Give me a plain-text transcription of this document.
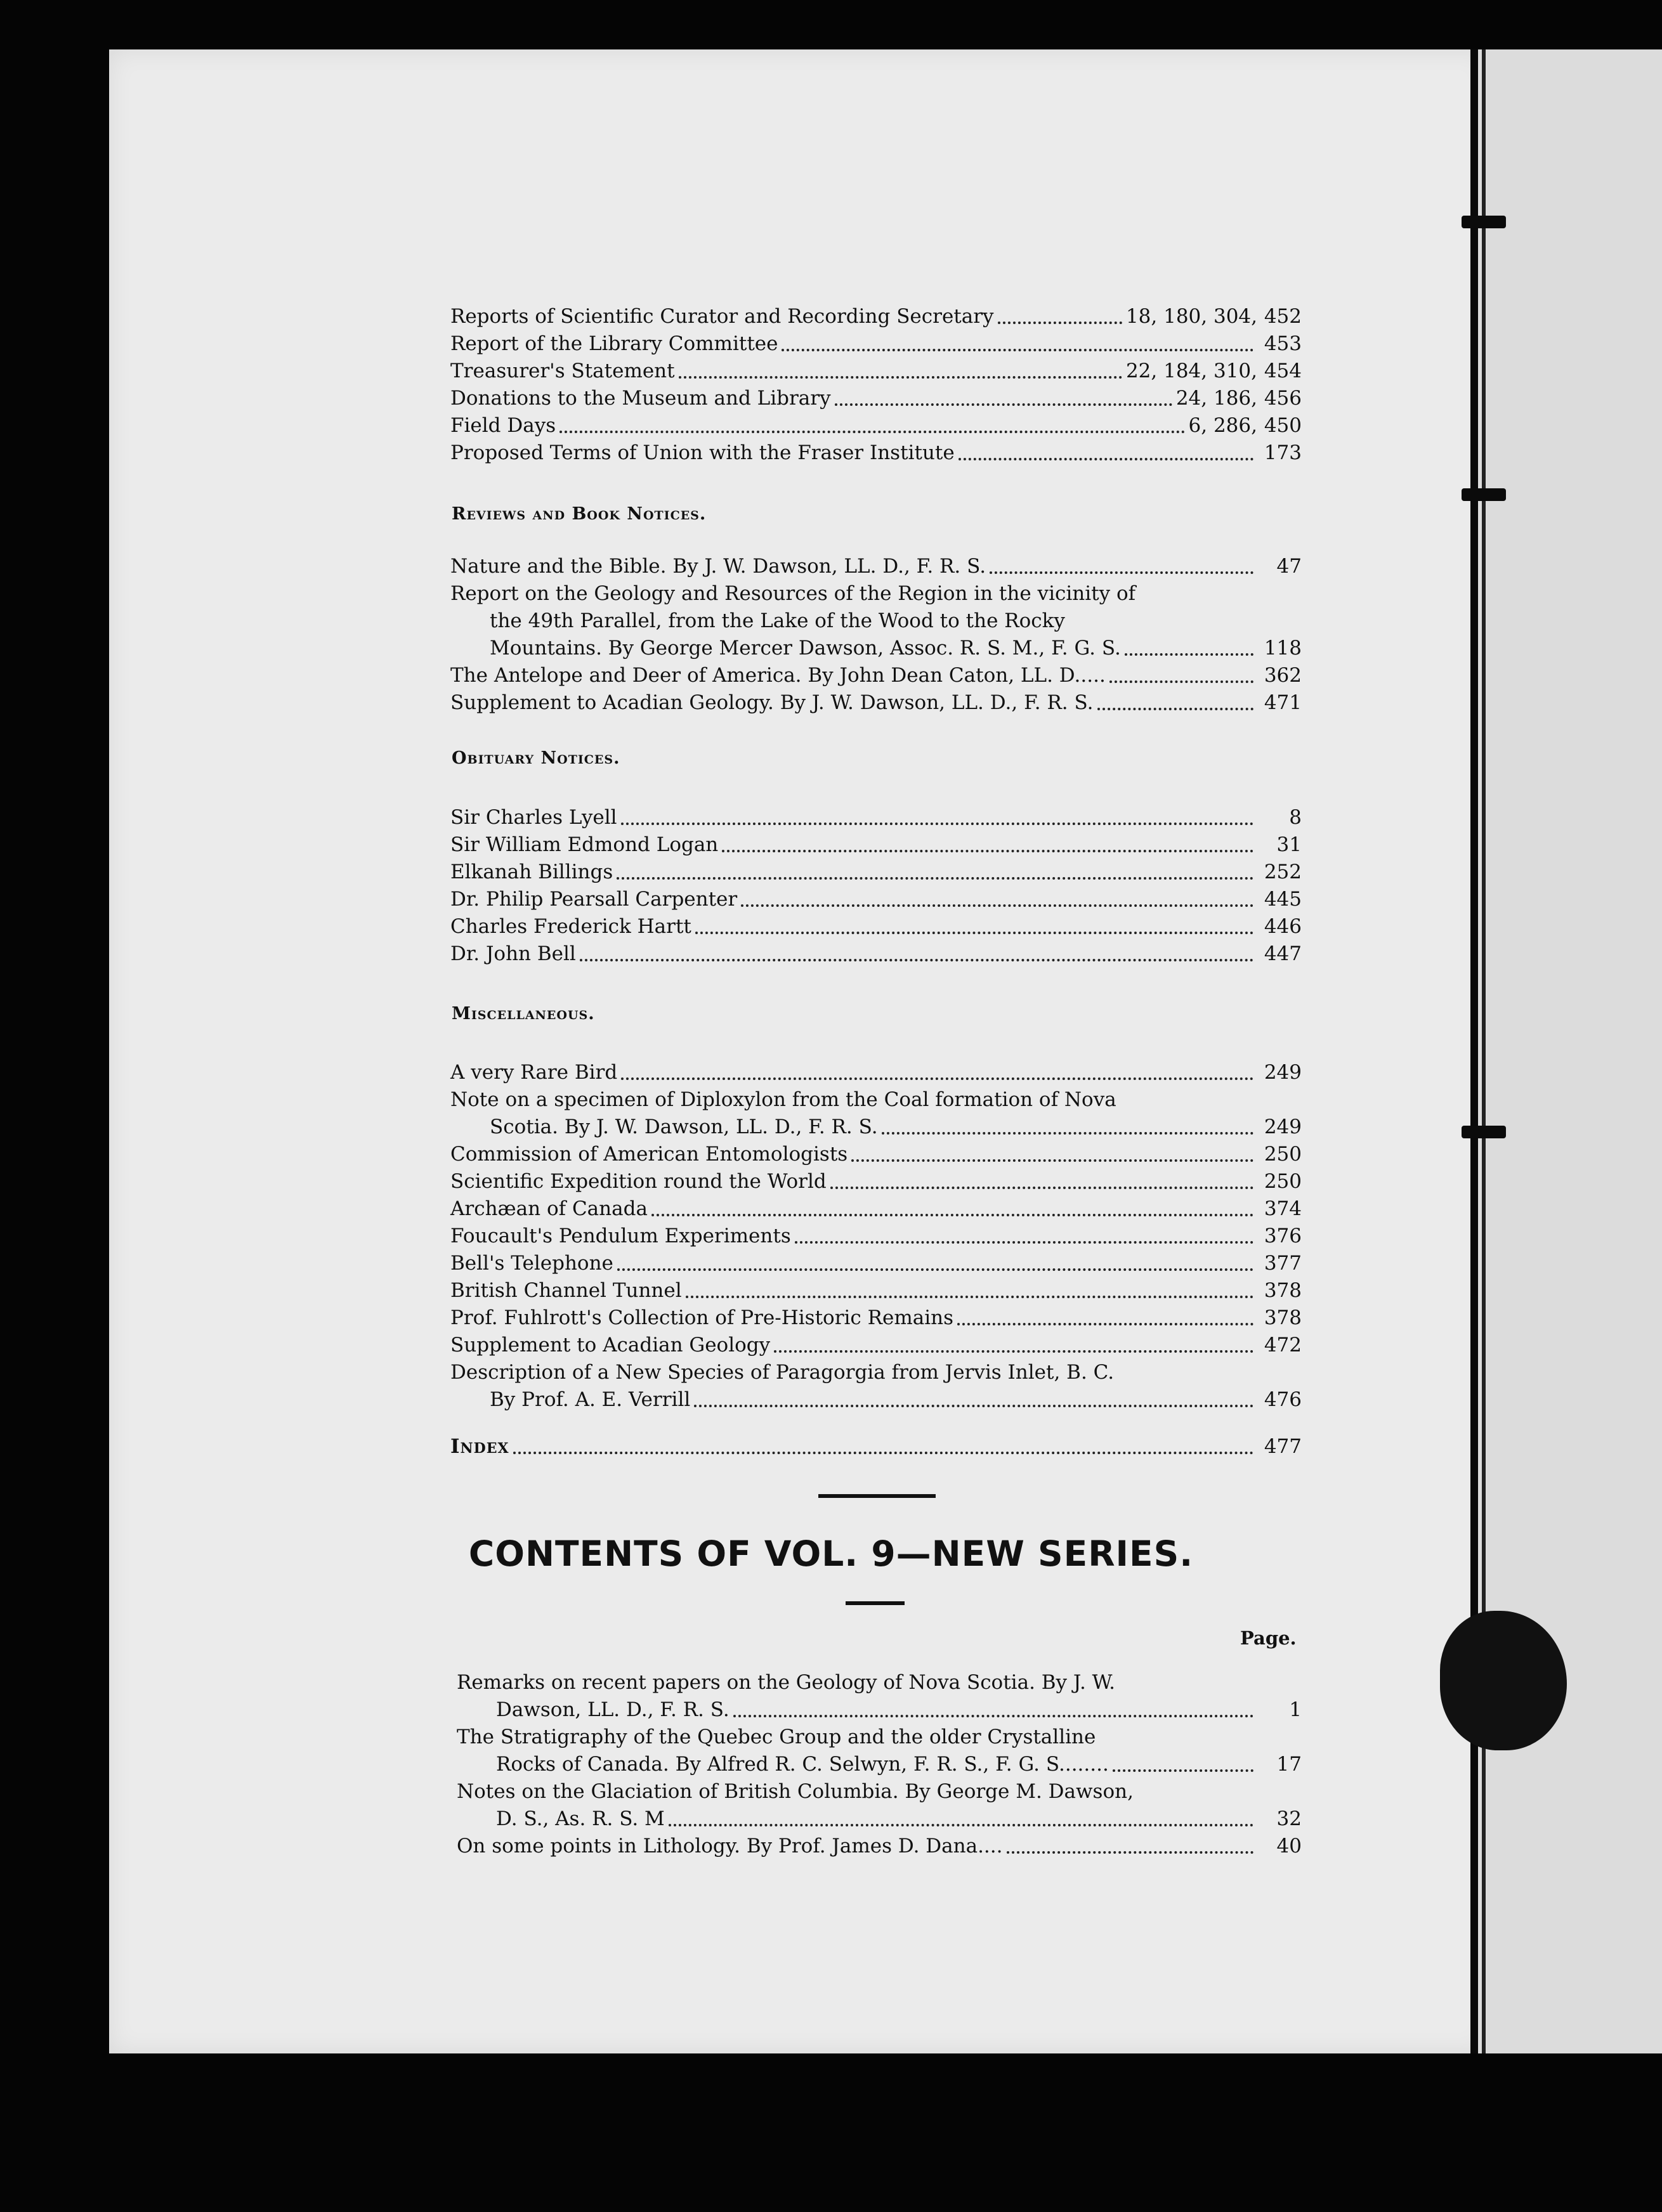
Reports of Scientific Curator and Recording Secretary	18, 180, 304, 452
Report of the Library Committee	453
Treasurer's Statement	22, 184, 310, 454
Donations to the Museum and Library	24, 186, 456
Field Days	6, 286, 450
Proposed Terms of Union with the Fraser Institute	173
Reviews and Book Notices.
Nature and the Bible. By J. W. Dawson, LL. D., F. R. S.	47
Report on the Geology and Resources of the Region in the vicinity of
the 49th Parallel, from the Lake of the Wood to the Rocky
Mountains. By George Mercer Dawson, Assoc. R. S. M., F. G. S.	118
The Antelope and Deer of America. By John Dean Caton, LL. D.....	362
Supplement to Acadian Geology. By J. W. Dawson, LL. D., F. R. S.	471
Obituary Notices.
Sir Charles Lyell	8
Sir William Edmond Logan	31
Elkanah Billings	252
Dr. Philip Pearsall Carpenter	445
Charles Frederick Hartt	446
Dr. John Bell	447
Miscellaneous.
A very Rare Bird	249
Note on a specimen of Diploxylon from the Coal formation of Nova
Scotia. By J. W. Dawson, LL. D., F. R. S.	249
Commission of American Entomologists	250
Scientific Expedition round the World	250
Archæan of Canada	374
Foucault's Pendulum Experiments	376
Bell's Telephone	377
British Channel Tunnel	378
Prof. Fuhlrott's Collection of Pre-Historic Remains	378
Supplement to Acadian Geology	472
Description of a New Species of Paragorgia from Jervis Inlet, B. C.
By Prof. A. E. Verrill	476
Index	477
CONTENTS OF VOL. 9—NEW SERIES.
Page.
Remarks on recent papers on the Geology of Nova Scotia. By J. W.
Dawson, LL. D., F. R. S.	1
The Stratigraphy of the Quebec Group and the older Crystalline
Rocks of Canada. By Alfred R. C. Selwyn, F. R. S., F. G. S........	17
Notes on the Glaciation of British Columbia. By George M. Dawson,
D. S., As. R. S. M	32
On some points in Lithology. By Prof. James D. Dana....	40
